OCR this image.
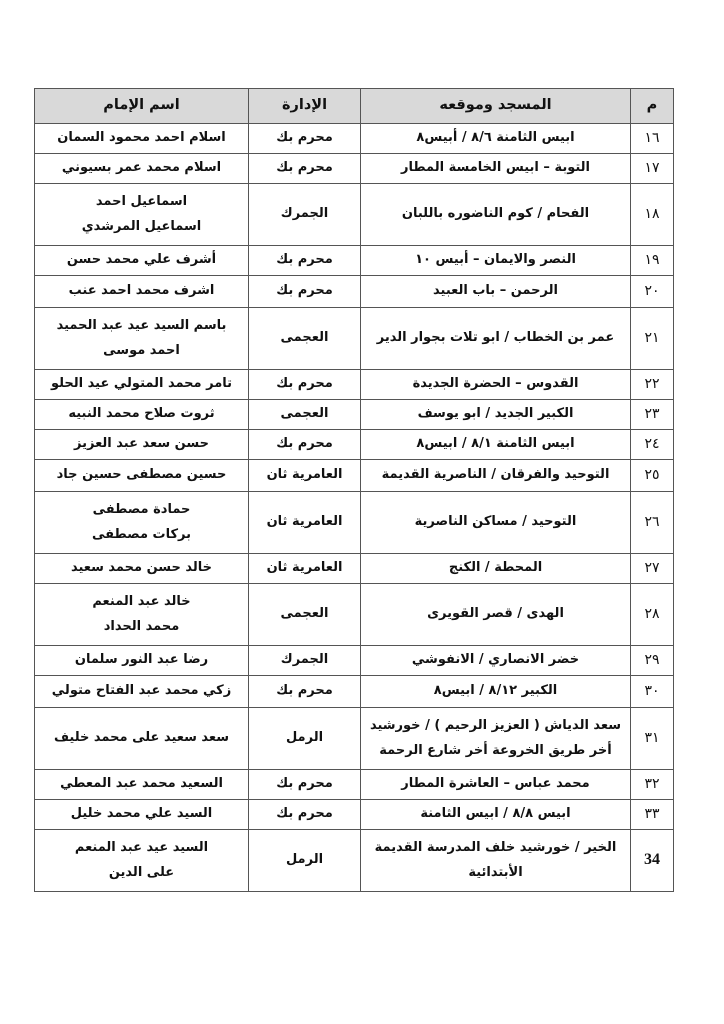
م	المسجد وموقعه	الإدارة	اسم الإمام
١٦	ابيس الثامنة ٨/٦ / أبيس٨	محرم بك	اسلام احمد محمود السمان

١٧	التوبة – ابيس الخامسة المطار	محرم بك	اسلام محمد عمر بسيوني

١٨	الفحام / كوم الناضوره باللبان	الجمرك	اسماعيل احمد
اسماعيل المرشدي

١٩	النصر والايمان – أبيس ١٠	محرم بك	أشرف علي محمد حسن

٢٠	الرحمن – باب العبيد	محرم بك	اشرف محمد احمد عنب

٢١	عمر بن الخطاب / ابو تلات بجوار الدير	العجمى	باسم السيد عيد عبد الحميد
احمد موسى

٢٢	القدوس – الحضرة الجديدة	محرم بك	تامر محمد المتولي عيد الحلو

٢٣	الكبير الجديد / ابو يوسف	العجمى	ثروت صلاح محمد النبيه

٢٤	ابيس الثامنة ٨/١ / ابيس٨	محرم بك	حسن سعد عبد العزيز

٢٥	التوحيد والفرقان / الناصرية القديمة	العامرية ثان	حسين مصطفى حسين جاد

٢٦	التوحيد / مساكن الناصرية	العامرية ثان	حمادة مصطفى
بركات مصطفى

٢٧	المحطة / الكنج	العامرية ثان	خالد حسن محمد سعيد

٢٨	الهدى / قصر القويرى	العجمى	خالد عبد المنعم
محمد الحداد

٢٩	خضر الانصاري / الانفوشي	الجمرك	رضا عبد النور سلمان

٣٠	الكبير ٨/١٢ / ابيس٨	محرم بك	زكي محمد عبد الفتاح متولي

٣١	سعد الدياش ( العزيز الرحيم ) / خورشيد
أخر طريق الخروعة أخر شارع الرحمة	الرمل	سعد سعيد على محمد خليف

٣٢	محمد عباس – العاشرة المطار	محرم بك	السعيد محمد عبد المعطي

٣٣	ابيس ٨/٨ / ابيس الثامنة	محرم بك	السيد علي محمد خليل

34	الخير / خورشيد خلف المدرسة القديمة
الأبتدائية	الرمل	السيد عيد عبد المنعم
على الدين
